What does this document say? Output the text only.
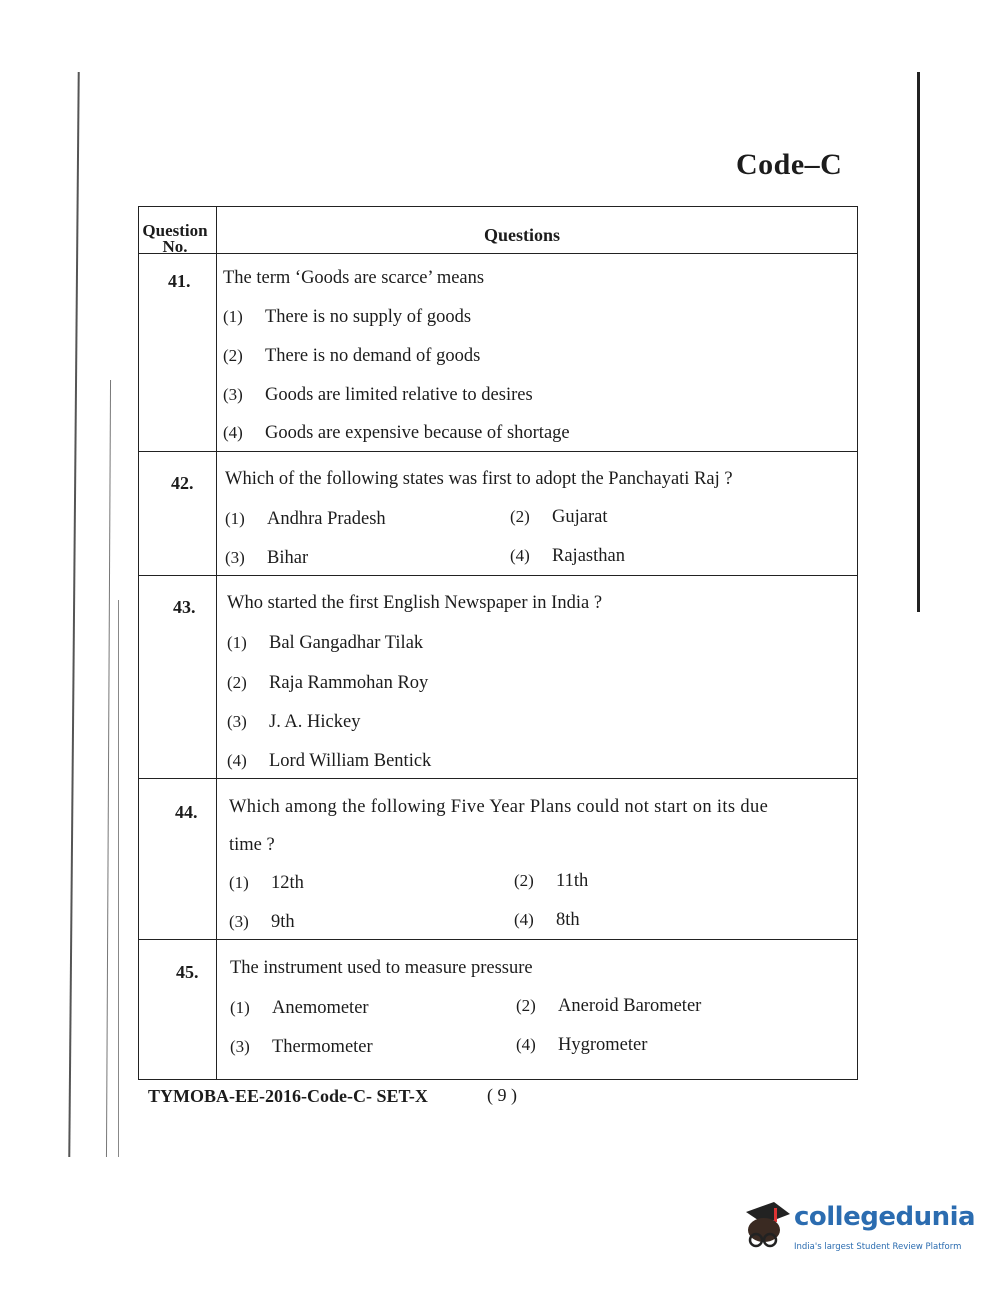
Code–C
Question
No.
Questions
41. The term ‘Goods are scarce’ means
(1) There is no supply of goods
(2) There is no demand of goods
(3) Goods are limited relative to desires
(4) Goods are expensive because of shortage
42. Which of the following states was first to adopt the Panchayati Raj ?
(1) Andhra Pradesh	(2) Gujarat
(3) Bihar	(4) Rajasthan
43. Who started the first English Newspaper in India ?
(1) Bal Gangadhar Tilak
(2) Raja Rammohan Roy
(3) J. A. Hickey
(4) Lord William Bentick
44. Which among the following Five Year Plans could not start on its due
time ?
(1) 12th	(2) 11th
(3) 9th	(4) 8th
45. The instrument used to measure pressure
(1) Anemometer	(2) Aneroid Barometer
(3) Thermometer	(4) Hygrometer
TYMOBA-EE-2016-Code-C- SET-X	( 9 )
collegedunia
India's largest Student Review Platform
